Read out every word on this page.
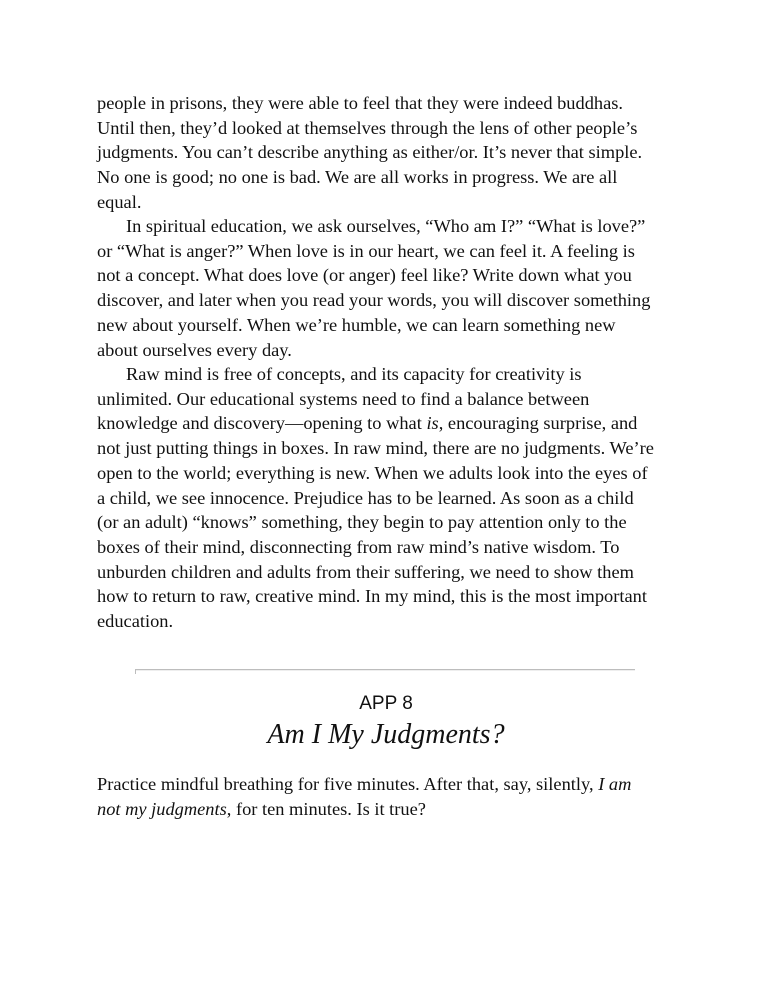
people in prisons, they were able to feel that they were indeed buddhas.
Until then, they’d looked at themselves through the lens of other people’s
judgments. You can’t describe anything as either/or. It’s never that simple.
No one is good; no one is bad. We are all works in progress. We are all
equal.

In spiritual education, we ask ourselves, “Who am I?” “What is love?”
or “What is anger?” When love is in our heart, we can feel it. A feeling is
not a concept. What does love (or anger) feel like? Write down what you
discover, and later when you read your words, you will discover something
new about yourself. When we’re humble, we can learn something new
about ourselves every day.

Raw mind is free of concepts, and its capacity for creativity is
unlimited. Our educational systems need to find a balance between
knowledge and discovery—opening to what is, encouraging surprise, and
not just putting things in boxes. In raw mind, there are no judgments. We’re
open to the world; everything is new. When we adults look into the eyes of
a child, we see innocence. Prejudice has to be learned. As soon as a child
(or an adult) “knows” something, they begin to pay attention only to the
boxes of their mind, disconnecting from raw mind’s native wisdom. To
unburden children and adults from their suffering, we need to show them
how to return to raw, creative mind. In my mind, this is the most important
education.

APP 8
Am I My Judgments?

Practice mindful breathing for five minutes. After that, say, silently, I am
not my judgments, for ten minutes. Is it true?
